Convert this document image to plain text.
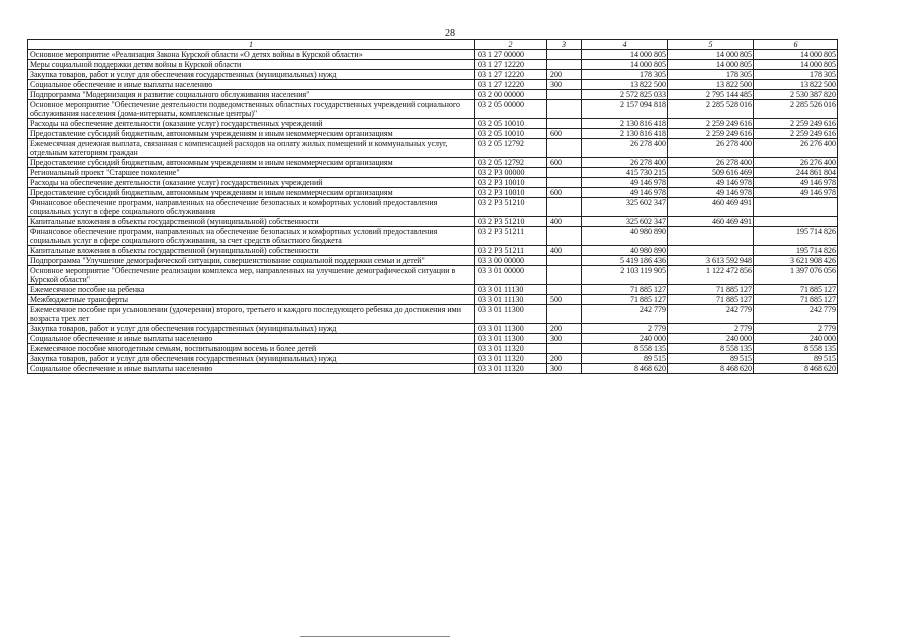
28
1	2	3	4	5	6
Основное мероприятие «Реализация Закона Курской области «О детях войны в Курской области»	03 1 27 00000		14 000 805	14 000 805	14 000 805
Меры социальной поддержки детям войны в Курской области	03 1 27 12220		14 000 805	14 000 805	14 000 805
Закупка товаров, работ и услуг для обеспечения государственных (муниципальных) нужд	03 1 27 12220	200	178 305	178 305	178 305
Социальное обеспечение и иные выплаты населению	03 1 27 12220	300	13 822 500	13 822 500	13 822 500
Подпрограмма "Модернизация и развитие социального обслуживания населения"	03 2 00 00000		2 572 825 033	2 795 144 485	2 530 387 820
Основное мероприятие "Обеспечение деятельности подведомственных областных государственных учреждений социального обслуживания населения (дома-интернаты, комплексные центры)"	03 2 05 00000		2 157 094 818	2 285 528 016	2 285 526 016
Расходы на обеспечение деятельности (оказание услуг) государственных учреждений	03 2 05 10010		2 130 816 418	2 259 249 616	2 259 249 616
Предоставление субсидий бюджетным, автономным учреждениям и иным некоммерческим организациям	03 2 05 10010	600	2 130 816 418	2 259 249 616	2 259 249 616
Ежемесячная денежная выплата, связанная с компенсацией расходов на оплату жилых помещений и коммунальных услуг, отдельным категориям граждан	03 2 05 12792		26 278 400	26 278 400	26 276 400
Предоставление субсидий бюджетным, автономным учреждениям и иным некоммерческим организациям	03 2 05 12792	600	26 278 400	26 278 400	26 276 400
Региональный проект "Старшее поколение"	03 2 P3 00000		415 730 215	509 616 469	244 861 804
Расходы на обеспечение деятельности (оказание услуг) государственных учреждений	03 2 P3 10010		49 146 978	49 146 978	49 146 978
Предоставление субсидий бюджетным, автономным учреждениям и иным некоммерческим организациям	03 2 P3 10010	600	49 146 978	49 146 978	49 146 978
Финансовое обеспечение программ, направленных на обеспечение безопасных и комфортных условий предоставления социальных услуг в сфере социального обслуживания	03 2 P3 51210		325 602 347	460 469 491	
Капитальные вложения в объекты государственной (муниципальной) собственности	03 2 P3 51210	400	325 602 347	460 469 491	
Финансовое обеспечение программ, направленных на обеспечение безопасных и комфортных условий предоставления социальных услуг в сфере социального обслуживания, за счет средств областного бюджета	03 2 P3 51211		40 980 890		195 714 826
Капитальные вложения в объекты государственной (муниципальной) собственности	03 2 P3 51211	400	40 980 890		195 714 826
Подпрограмма "Улучшение демографической ситуации, совершенствование социальной поддержки семьи и детей"	03 3 00 00000		5 419 186 436	3 613 592 948	3 621 908 426
Основное мероприятие "Обеспечение реализации комплекса мер, направленных на улучшение демографической ситуации в Курской области"	03 3 01 00000		2 103 119 905	1 122 472 856	1 397 076 056
Ежемесячное пособие на ребенка	03 3 01 11130		71 885 127	71 885 127	71 885 127
Межбюджетные трансферты	03 3 01 11130	500	71 885 127	71 885 127	71 885 127
Ежемесячное пособие при усыновлении (удочерении) второго, третьего и каждого последующего ребенка до достижения ими возраста трех лет	03 3 01 11300		242 779	242 779	242 779
Закупка товаров, работ и услуг для обеспечения государственных (муниципальных) нужд	03 3 01 11300	200	2 779	2 779	2 779
Социальное обеспечение и иные выплаты населению	03 3 01 11300	300	240 000	240 000	240 000
Ежемесячное пособие многодетным семьям, воспитывающим восемь и более детей	03 3 01 11320		8 558 135	8 558 135	8 558 135
Закупка товаров, работ и услуг для обеспечения государственных (муниципальных) нужд	03 3 01 11320	200	89 515	89 515	89 515
Социальное обеспечение и иные выплаты населению	03 3 01 11320	300	8 468 620	8 468 620	8 468 620
